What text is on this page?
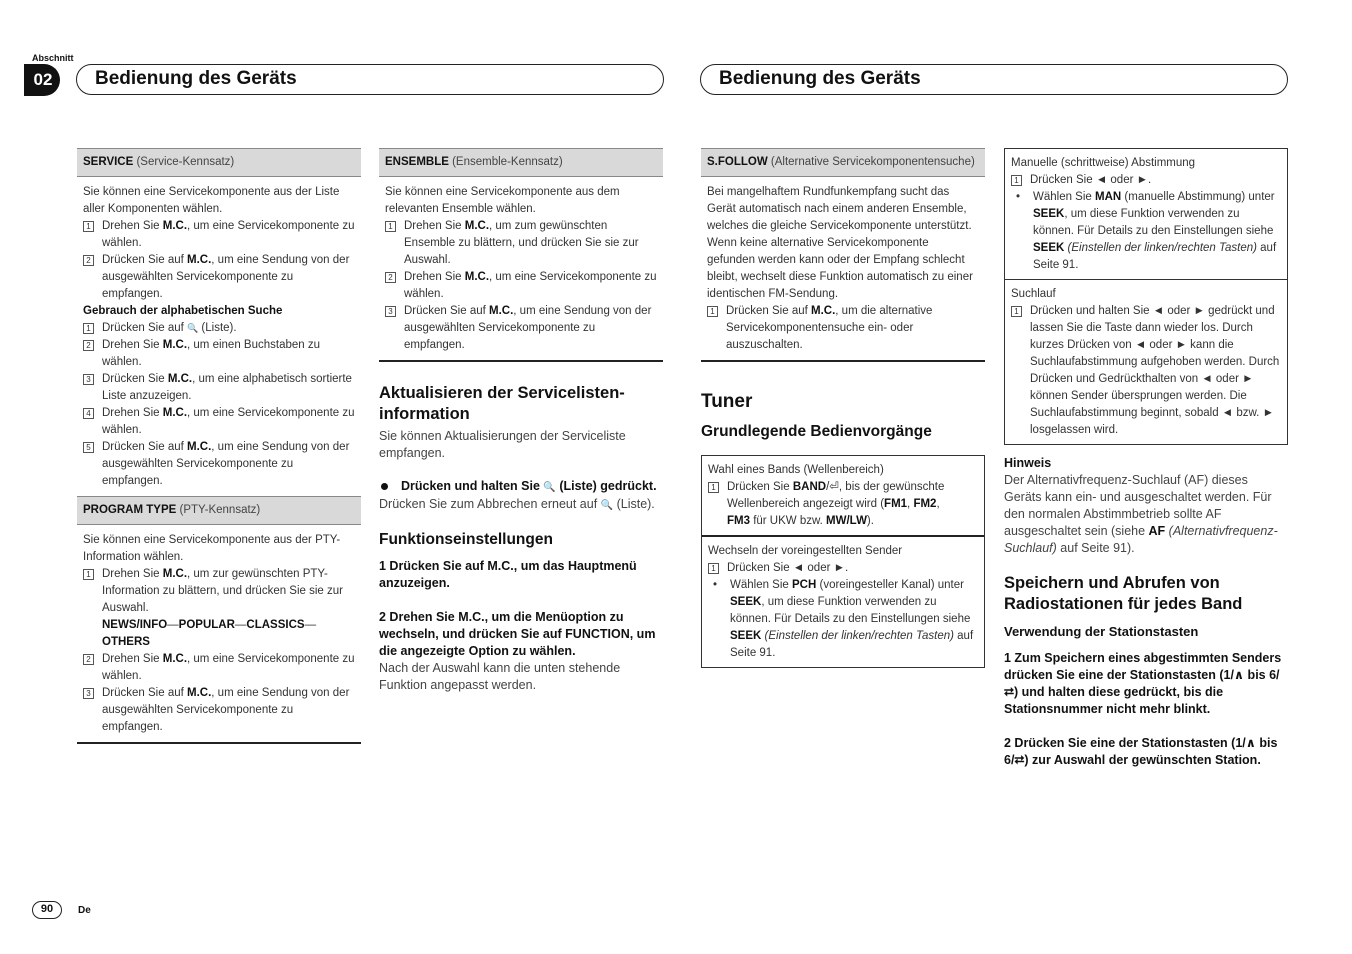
Abschnitt
02	Bedienung des Geräts	Bedienung des Geräts
SERVICE (Service-Kennsatz)

Sie können eine Servicekomponente aus der Liste aller Komponenten wählen.

1 Drehen Sie M.C., um eine Servicekomponente zu wählen.
2 Drücken Sie auf M.C., um eine Sendung von der ausgewählten Servicekomponente zu empfangen.
Gebrauch der alphabetischen Suche
1 Drücken Sie auf 🔍 (Liste).
2 Drehen Sie M.C., um einen Buchstaben zu wählen.
3 Drücken Sie M.C., um eine alphabetisch sortierte Liste anzuzeigen.
4 Drehen Sie M.C., um eine Servicekomponente zu wählen.
5 Drücken Sie auf M.C., um eine Sendung von der ausgewählten Servicekomponente zu empfangen.
PROGRAM TYPE (PTY-Kennsatz)

Sie können eine Servicekomponente aus der PTY-Information wählen.

1 Drehen Sie M.C., um zur gewünschten PTY-Information zu blättern, und drücken Sie sie zur Auswahl.
NEWS/INFO—POPULAR—CLASSICS—
OTHERS
2 Drehen Sie M.C., um eine Servicekomponente zu wählen.
3 Drücken Sie auf M.C., um eine Sendung von der ausgewählten Servicekomponente zu empfangen.
ENSEMBLE (Ensemble-Kennsatz)

Sie können eine Servicekomponente aus dem relevanten Ensemble wählen.

1 Drehen Sie M.C., um zum gewünschten Ensemble zu blättern, und drücken Sie sie zur Auswahl.
2 Drehen Sie M.C., um eine Servicekomponente zu wählen.
3 Drücken Sie auf M.C., um eine Sendung von der ausgewählten Servicekomponente zu empfangen.
Aktualisieren der Servicelisten-information

Sie können Aktualisierungen der Serviceliste empfangen.

Drücken und halten Sie 🔍 (Liste) gedrückt.

Drücken Sie zum Abbrechen erneut auf 🔍 (Liste).

Funktionseinstellungen

1 Drücken Sie auf M.C., um das Hauptmenü anzuzeigen.

2 Drehen Sie M.C., um die Menüoption zu wechseln, und drücken Sie auf FUNCTION, um die angezeigte Option zu wählen.

Nach der Auswahl kann die unten stehende Funktion angepasst werden.

S.FOLLOW (Alternative Servicekomponentensuche)

Bei mangelhaftem Rundfunkempfang sucht das Gerät automatisch nach einem anderen Ensemble, welches die gleiche Servicekomponente unterstützt. Wenn keine alternative Servicekomponente gefunden werden kann oder der Empfang schlecht bleibt, wechselt diese Funktion automatisch zu einer identischen FM-Sendung.

1 Drücken Sie auf M.C., um die alternative Servicekomponentensuche ein- oder auszuschalten.
Tuner
Grundlegende Bedienvorgänge
Wahl eines Bands (Wellenbereich)
1 Drücken Sie BAND/⏎, bis der gewünschte Wellenbereich angezeigt wird (FM1, FM2,
FM3 für UKW bzw. MW/LW).
Wechseln der voreingestellten Sender
1 Drücken Sie ◄ oder ►.
• Wählen Sie PCH (voreingesteller Kanal) unter SEEK, um diese Funktion verwenden zu können. Für Details zu den Einstellungen siehe SEEK (Einstellen der linken/rechten Tasten) auf Seite 91.
Manuelle (schrittweise) Abstimmung
1 Drücken Sie ◄ oder ►.
• Wählen Sie MAN (manuelle Abstimmung) unter SEEK, um diese Funktion verwenden zu können. Für Details zu den Einstellungen siehe SEEK (Einstellen der linken/rechten Tasten) auf Seite 91.
Suchlauf
1 Drücken und halten Sie ◄ oder ► gedrückt und lassen Sie die Taste dann wieder los. Durch kurzes Drücken von ◄ oder ► kann die Suchlaufabstimmung aufgehoben werden. Durch Drücken und Gedrückthalten von ◄ oder ► können Sender übersprungen werden. Die Suchlaufabstimmung beginnt, sobald ◄ bzw. ► losgelassen wird.
Hinweis

Der Alternativfrequenz-Suchlauf (AF) dieses Geräts kann ein- und ausgeschaltet werden. Für den normalen Abstimmbetrieb sollte AF ausgeschaltet sein (siehe AF (Alternativfrequenz-Suchlauf) auf Seite 91).

Speichern und Abrufen von Radiostationen für jedes Band
Verwendung der Stationstasten

1 Zum Speichern eines abgestimmten Senders drücken Sie eine der Stationstasten (1/∧ bis 6/⮂) und halten diese gedrückt, bis die Stationsnummer nicht mehr blinkt.

2 Drücken Sie eine der Stationstasten (1/∧ bis 6/⮂) zur Auswahl der gewünschten Station.

90	De
